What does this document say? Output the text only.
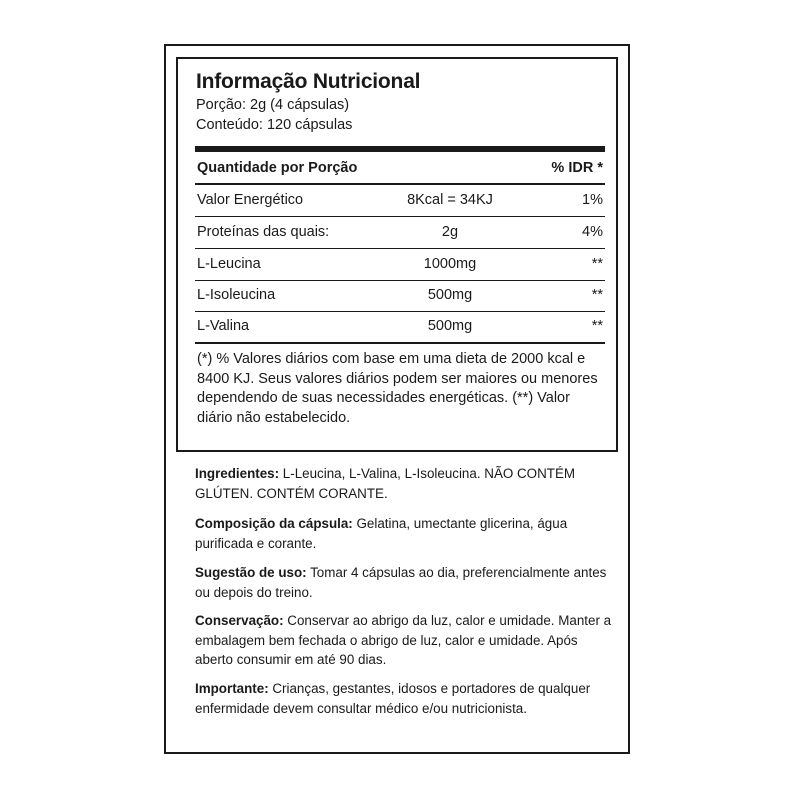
Informação Nutricional
Porção: 2g (4 cápsulas)
Conteúdo: 120 cápsulas
Quantidade por Porção	% IDR *
Valor Energético	8Kcal = 34KJ	1%
Proteínas das quais:	2g	4%
L-Leucina	1000mg	**
L-Isoleucina	500mg	**
L-Valina	500mg	**
(*) % Valores diários com base em uma dieta de 2000 kcal e 8400 KJ. Seus valores diários podem ser maiores ou menores dependendo de suas necessidades energéticas. (**) Valor diário não estabelecido.
Ingredientes: L-Leucina, L-Valina, L-Isoleucina. NÃO CONTÉM GLÚTEN. CONTÉM CORANTE.
Composição da cápsula: Gelatina, umectante glicerina, água purificada e corante.
Sugestão de uso: Tomar 4 cápsulas ao dia, preferencialmente antes ou depois do treino.
Conservação: Conservar ao abrigo da luz, calor e umidade. Manter a embalagem bem fechada o abrigo de luz, calor e umidade. Após aberto consumir em até 90 dias.
Importante: Crianças, gestantes, idosos e portadores de qualquer enfermidade devem consultar médico e/ou nutricionista.
